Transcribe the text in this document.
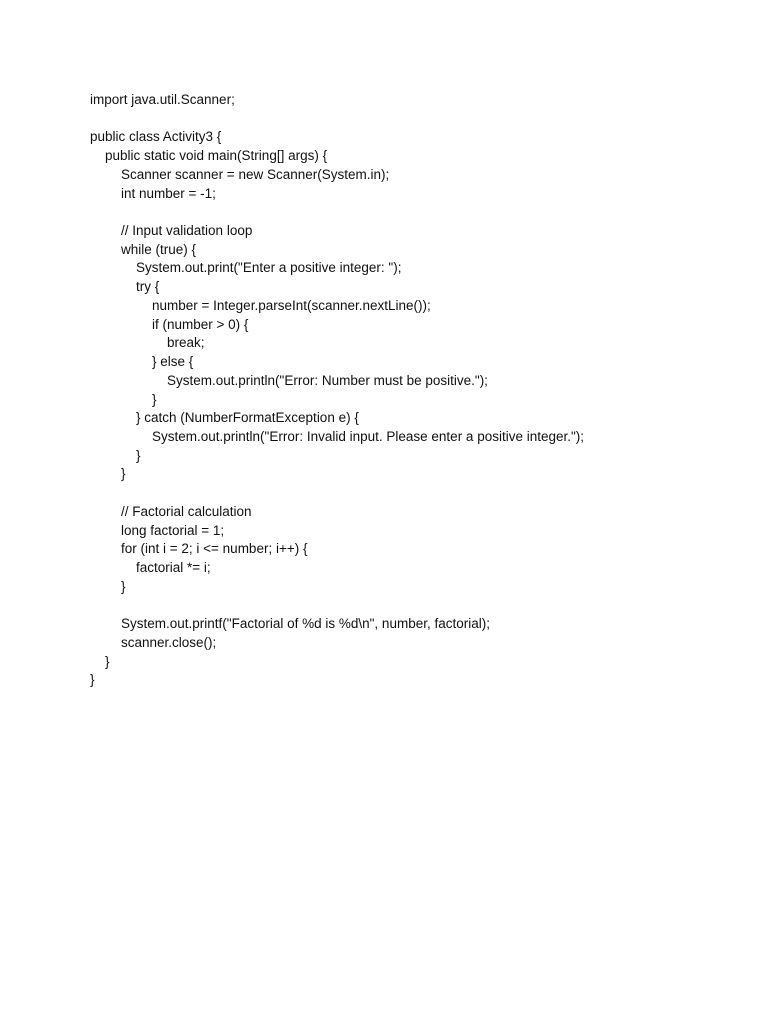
import java.util.Scanner;
public class Activity3 {
public static void main(String[] args) {
Scanner scanner = new Scanner(System.in);
int number = -1;
// Input validation loop
while (true) {
System.out.print("Enter a positive integer: ");
try {
number = Integer.parseInt(scanner.nextLine());
if (number > 0) {
break;
} else {
System.out.println("Error: Number must be positive.");
}
} catch (NumberFormatException e) {
System.out.println("Error: Invalid input. Please enter a positive integer.");
}
}
// Factorial calculation
long factorial = 1;
for (int i = 2; i <= number; i++) {
factorial *= i;
}
System.out.printf("Factorial of %d is %d\n", number, factorial);
scanner.close();
}
}
